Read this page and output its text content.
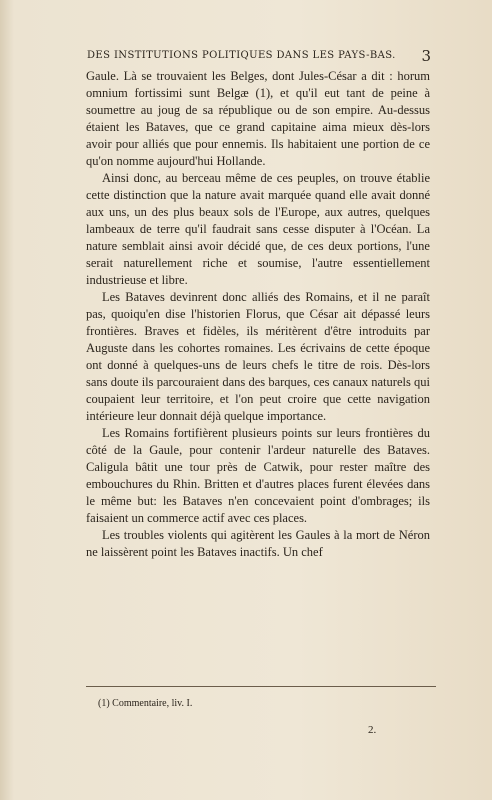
DES INSTITUTIONS POLITIQUES DANS LES PAYS-BAS. 3

Gaule. Là se trouvaient les Belges, dont Jules-César a dit : horum omnium fortissimi sunt Belgæ (1), et qu'il eut tant de peine à soumettre au joug de sa république ou de son empire. Au-dessus étaient les Bataves, que ce grand capitaine aima mieux dès-lors avoir pour alliés que pour ennemis. Ils habitaient une portion de ce qu'on nomme aujourd'hui Hollande.

Ainsi donc, au berceau même de ces peuples, on trouve établie cette distinction que la nature avait marquée quand elle avait donné aux uns, un des plus beaux sols de l'Europe, aux autres, quelques lambeaux de terre qu'il faudrait sans cesse disputer à l'Océan. La nature semblait ainsi avoir décidé que, de ces deux portions, l'une serait naturellement riche et soumise, l'autre essentiellement industrieuse et libre.

Les Bataves devinrent donc alliés des Romains, et il ne paraît pas, quoiqu'en dise l'historien Florus, que César ait dépassé leurs frontières. Braves et fidèles, ils méritèrent d'être introduits par Auguste dans les cohortes romaines. Les écrivains de cette époque ont donné à quelques-uns de leurs chefs le titre de rois. Dès-lors sans doute ils parcouraient dans des barques, ces canaux naturels qui coupaient leur territoire, et l'on peut croire que cette navigation intérieure leur donnait déjà quelque importance.

Les Romains fortifièrent plusieurs points sur leurs frontières du côté de la Gaule, pour contenir l'ardeur naturelle des Bataves. Caligula bâtit une tour près de Catwik, pour rester maître des embouchures du Rhin. Britten et d'autres places furent élevées dans le même but: les Bataves n'en concevaient point d'ombrages; ils faisaient un commerce actif avec ces places.

Les troubles violents qui agitèrent les Gaules à la mort de Néron ne laissèrent point les Bataves inactifs. Un chef

(1) Commentaire, liv. I.
2.
